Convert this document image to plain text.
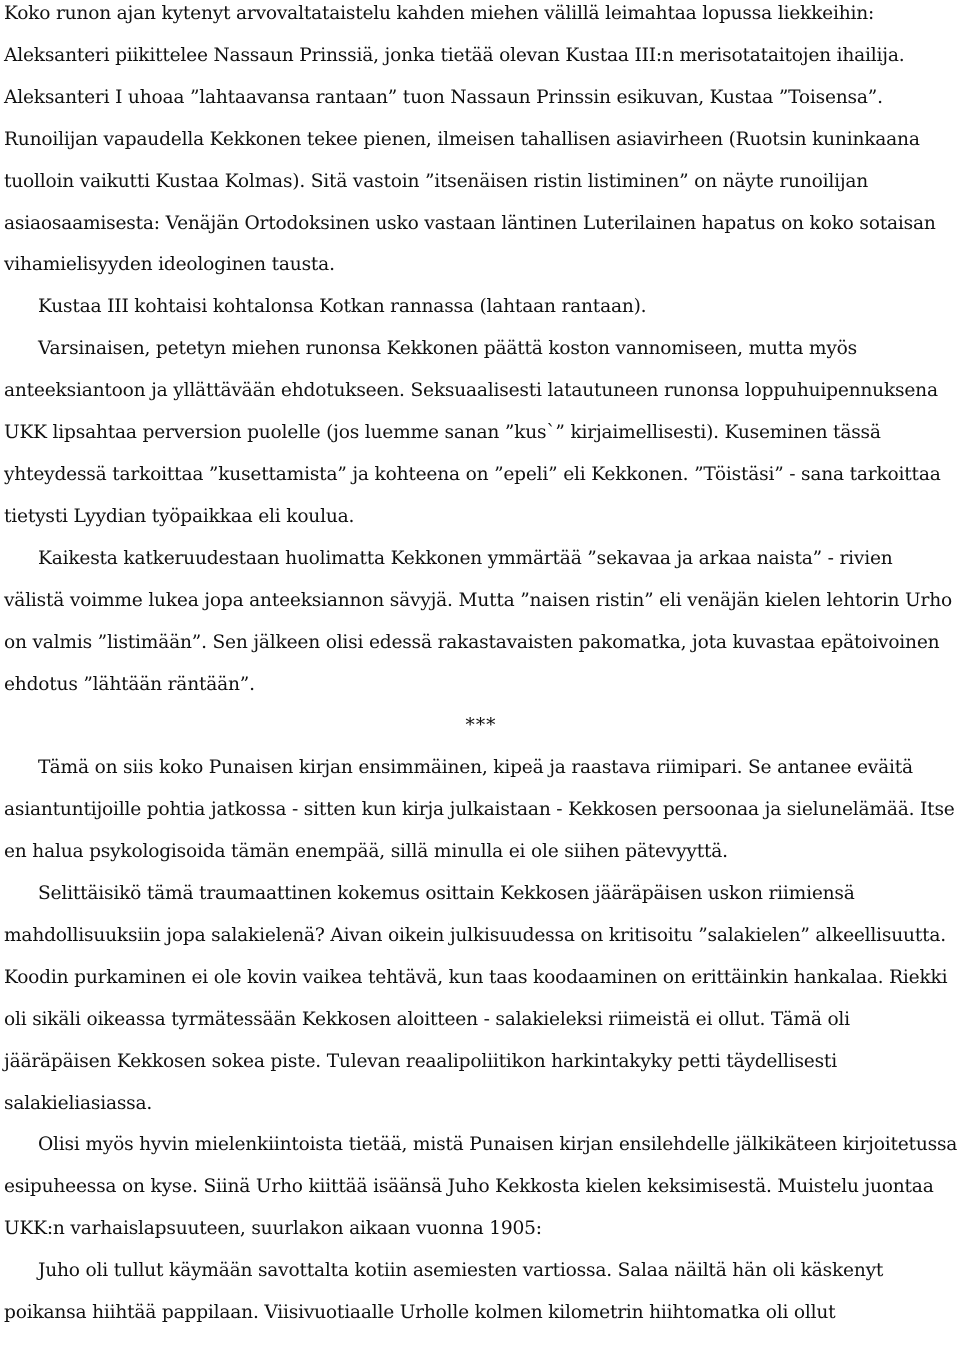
Koko runon ajan kytenyt arvovaltataistelu kahden miehen välillä leimahtaa lopussa liekkeihin: Aleksanteri piikittelee Nassaun Prinssiä, jonka tietää olevan Kustaa III:n merisotataitojen ihailija. Aleksanteri I uhoaa ”lahtaavansa rantaan” tuon Nassaun Prinssin esikuvan, Kustaa ”Toisensa”. Runoilijan vapaudella Kekkonen tekee pienen, ilmeisen tahallisen asiavirheen (Ruotsin kuninkaana tuolloin vaikutti Kustaa Kolmas). Sitä vastoin ”itsenäisen ristin listiminen” on näyte runoilijan asiaosaamisesta: Venäjän Ortodoksinen usko vastaan läntinen Luterilainen hapatus on koko sotaisan vihamielisyyden ideologinen tausta.

Kustaa III kohtaisi kohtalonsa Kotkan rannassa (lahtaan rantaan).

Varsinaisen, petetyn miehen runonsa Kekkonen päättä koston vannomiseen, mutta myös anteeksiantoon ja yllättävään ehdotukseen. Seksuaalisesti latautuneen runonsa loppuhuipennuksena UKK lipsahtaa perversion puolelle (jos luemme sanan ”kus`” kirjaimellisesti). Kuseminen tässä yhteydessä tarkoittaa ”kusettamista” ja kohteena on ”epeli” eli Kekkonen. ”Töistäsi” - sana tarkoittaa tietysti Lyydian työpaikkaa eli koulua.

Kaikesta katkeruudestaan huolimatta Kekkonen ymmärtää ”sekavaa ja arkaa naista” - rivien välistä voimme lukea jopa anteeksiannon sävyjä. Mutta ”naisen ristin” eli venäjän kielen lehtorin Urho on valmis ”listimään”. Sen jälkeen olisi edessä rakastavaisten pakomatka, jota kuvastaa epätoivoinen ehdotus ”lähtään räntään”.

***

Tämä on siis koko Punaisen kirjan ensimmäinen, kipeä ja raastava riimipari. Se antanee eväitä asiantuntijoille pohtia jatkossa - sitten kun kirja julkaistaan - Kekkosen persoonaa ja sielunelämää. Itse en halua psykologisoida tämän enempää, sillä minulla ei ole siihen pätevyyttä.

Selittäisikö tämä traumaattinen kokemus osittain Kekkosen jääräpäisen uskon riimiensä mahdollisuuksiin jopa salakielenä? Aivan oikein julkisuudessa on kritisoitu ”salakielen” alkeellisuutta. Koodin purkaminen ei ole kovin vaikea tehtävä, kun taas koodaaminen on erittäinkin hankalaa. Riekki oli sikäli oikeassa tyrmätessään Kekkosen aloitteen - salakieleksi riimeistä ei ollut. Tämä oli jääräpäisen Kekkosen sokea piste. Tulevan reaalipoliitikon harkintakyky petti täydellisesti salakieliasiassa.

Olisi myös hyvin mielenkiintoista tietää, mistä Punaisen kirjan ensilehdelle jälkikäteen kirjoitetussa esipuheessa on kyse. Siinä Urho kiittää isäänsä Juho Kekkosta kielen keksimisestä. Muistelu juontaa UKK:n varhaislapsuuteen, suurlakon aikaan vuonna 1905:

Juho oli tullut käymään savottalta kotiin asemiesten vartiossa. Salaa näiltä hän oli käskenyt poikansa hiihtää pappilaan. Viisivuotiaalle Urholle kolmen kilometrin hiihtomatka oli ollut
